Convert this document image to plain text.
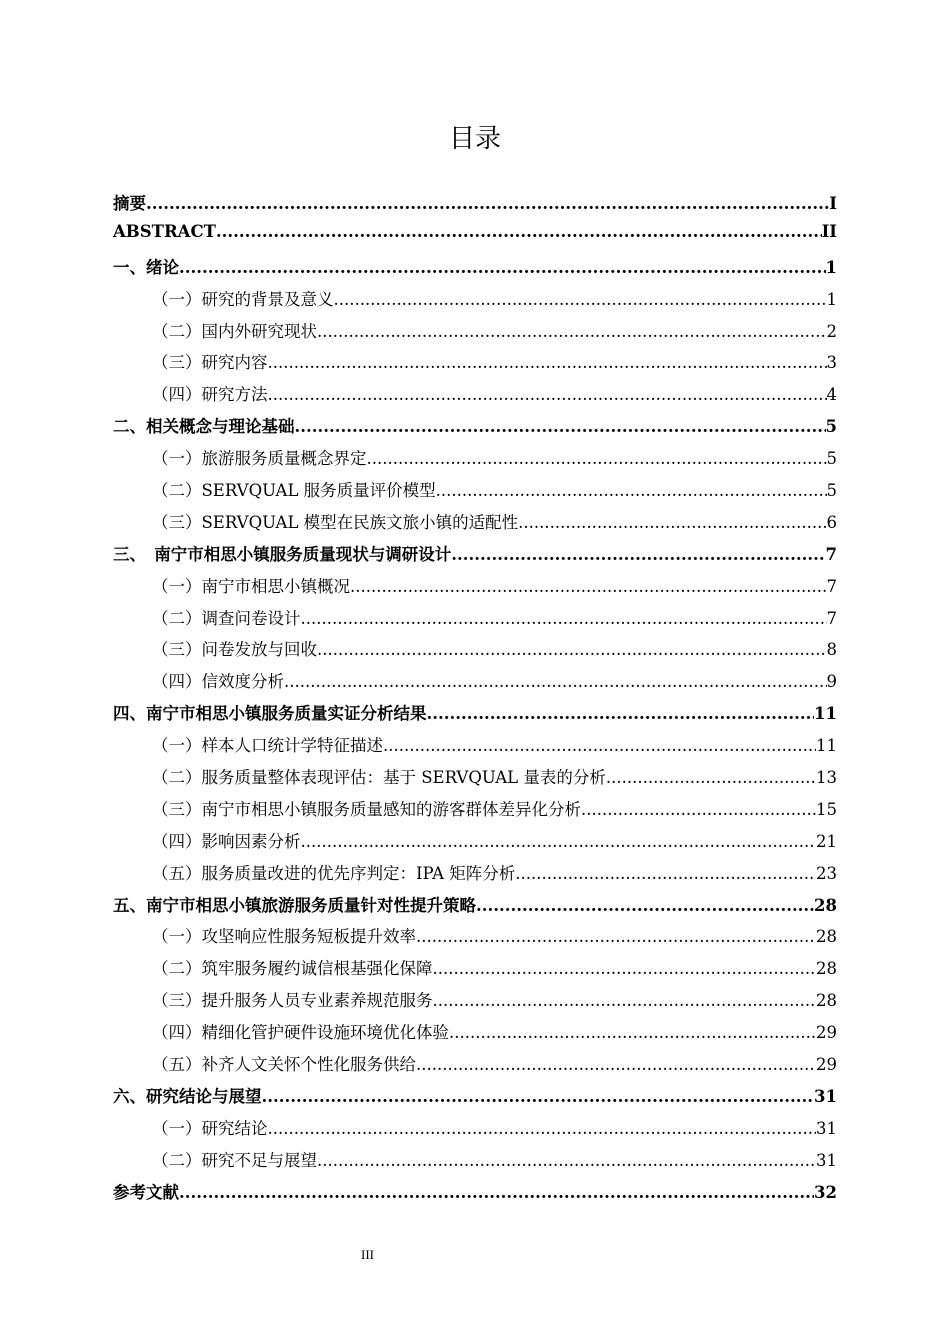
目录
摘要 .....	I
ABSTRACT .....	II
一、绪论 .....	1
（一）研究的背景及意义 .....	1
（二）国内外研究现状 .....	2
（三）研究内容 .....	3
（四）研究方法 .....	4
二、相关概念与理论基础 .....	5
（一）旅游服务质量概念界定 .....	5
（二）SERVQUAL 服务质量评价模型 .....	5
（三）SERVQUAL 模型在民族文旅小镇的适配性 .....	6
三、　南宁市相思小镇服务质量现状与调研设计 .....	7
（一）南宁市相思小镇概况 .....	7
（二）调查问卷设计 .....	7
（三）问卷发放与回收 .....	8
（四）信效度分析 .....	9
四、南宁市相思小镇服务质量实证分析结果 .....	11
（一）样本人口统计学特征描述 .....	11
（二）服务质量整体表现评估：基于 SERVQUAL 量表的分析 .....	13
（三）南宁市相思小镇服务质量感知的游客群体差异化分析 .....	15
（四）影响因素分析 .....	21
（五）服务质量改进的优先序判定：IPA 矩阵分析 .....	23
五、南宁市相思小镇旅游服务质量针对性提升策略 .....	28
（一）攻坚响应性服务短板提升效率 .....	28
（二）筑牢服务履约诚信根基强化保障 .....	28
（三）提升服务人员专业素养规范服务 .....	28
（四）精细化管护硬件设施环境优化体验 .....	29
（五）补齐人文关怀个性化服务供给 .....	29
六、研究结论与展望 .....	31
（一）研究结论 .....	31
（二）研究不足与展望 .....	31
参考文献 .....	32
III
